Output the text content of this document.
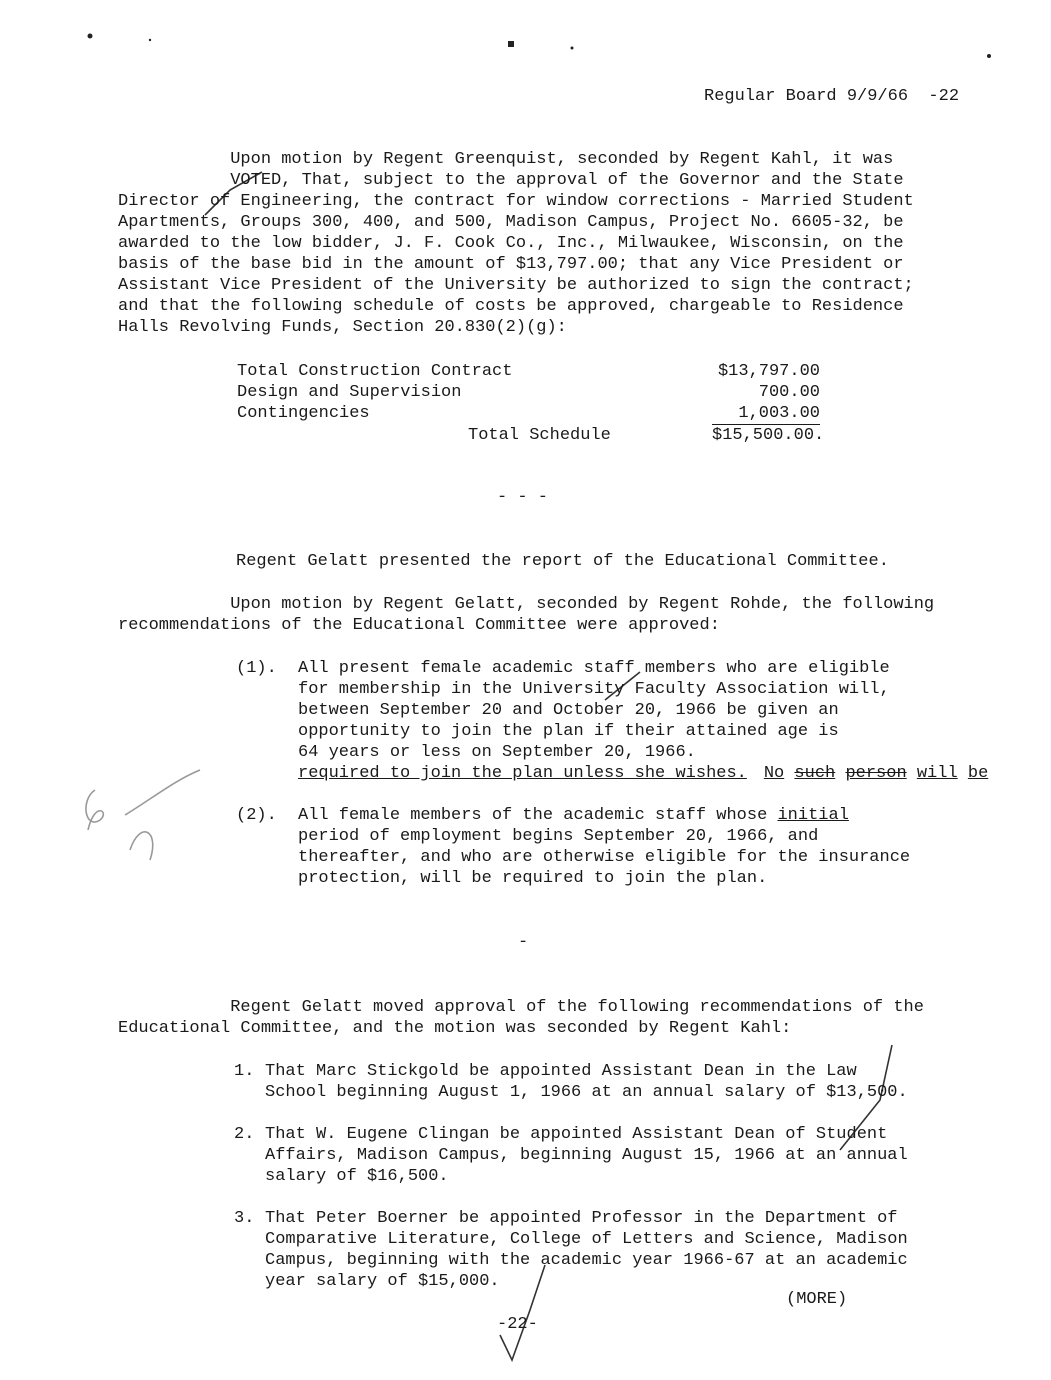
Regular Board 9/9/66  -22
Upon motion by Regent Greenquist, seconded by Regent Kahl, it was
VOTED, That, subject to the approval of the Governor and the State
Director of Engineering, the contract for window corrections - Married Student
Apartments, Groups 300, 400, and 500, Madison Campus, Project No. 6605-32, be
awarded to the low bidder, J. F. Cook Co., Inc., Milwaukee, Wisconsin, on the
basis of the base bid in the amount of $13,797.00; that any Vice President or
Assistant Vice President of the University be authorized to sign the contract;
and that the following schedule of costs be approved, chargeable to Residence
Halls Revolving Funds, Section 20.830(2)(g):
Total Construction Contract	$13,797.00
Design and Supervision	700.00
Contingencies	1,003.00
Total Schedule	$15,500.00.
- - -
Regent Gelatt presented the report of the Educational Committee.
Upon motion by Regent Gelatt, seconded by Regent Rohde, the following
recommendations of the Educational Committee were approved:
(1). All present female academic staff members who are eligible
for membership in the University Faculty Association will,
between September 20 and October 20, 1966 be given an
opportunity to join the plan if their attained age is
64 years or less on September 20, 1966.

No such person will be

required to join the plan unless she wishes.
(2). All female members of the academic staff whose initial
period of employment begins September 20, 1966, and
thereafter, and who are otherwise eligible for the insurance
protection, will be required to join the plan.
-
Regent Gelatt moved approval of the following recommendations of the
Educational Committee, and the motion was seconded by Regent Kahl:
1. That Marc Stickgold be appointed Assistant Dean in the Law
School beginning August 1, 1966 at an annual salary of $13,500.
2. That W. Eugene Clingan be appointed Assistant Dean of Student
Affairs, Madison Campus, beginning August 15, 1966 at an annual
salary of $16,500.
3. That Peter Boerner be appointed Professor in the Department of
Comparative Literature, College of Letters and Science, Madison
Campus, beginning with the academic year 1966-67 at an academic
year salary of $15,000.
(MORE)
-22-
